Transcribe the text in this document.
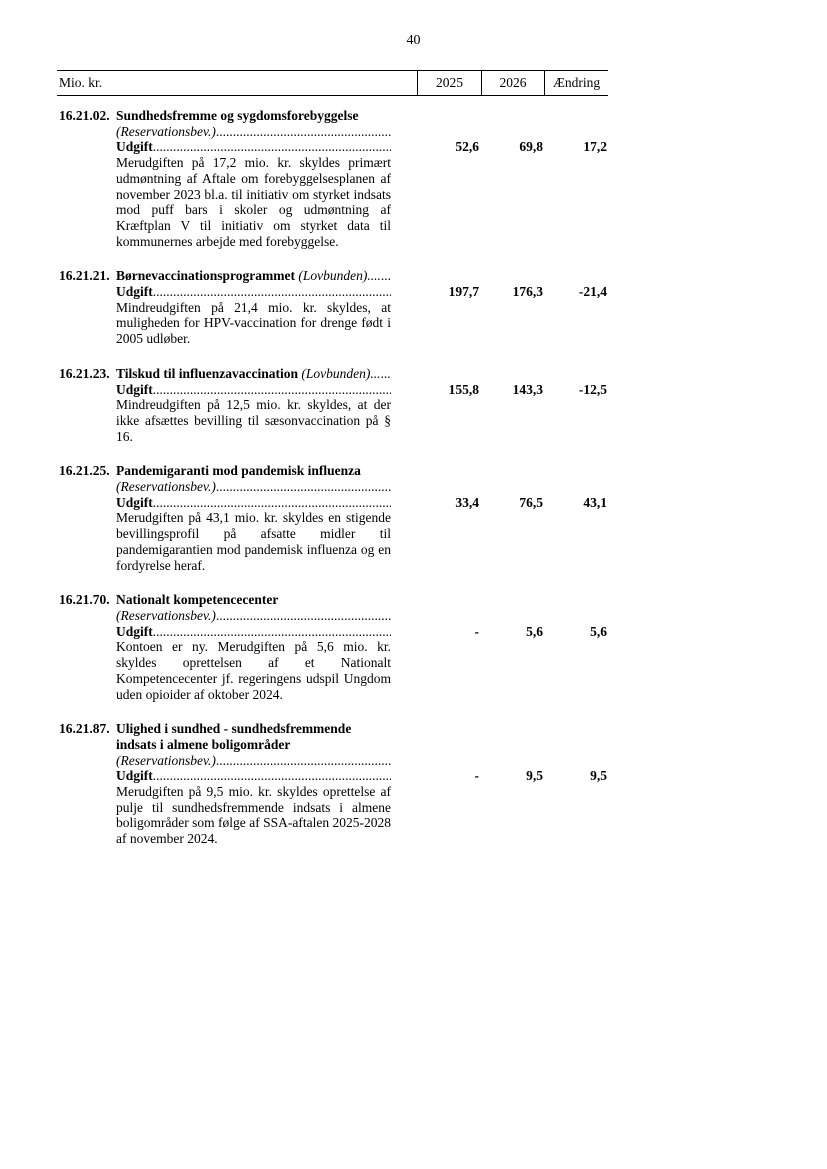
40
Mio. kr.	2025	2026	Ændring
16.21.02. Sundhedsfremme og sygdomsforebyggelse
(Reservationsbev.) .....
Udgift .....	52,6	69,8	17,2
Merudgiften på 17,2 mio. kr. skyldes primært udmøntning af Aftale om forebyggelsesplanen af november 2023 bl.a. til initiativ om styrket indsats mod puff bars i skoler og udmøntning af Kræftplan V til initiativ om styrket data til kommunernes arbejde med forebyggelse.
16.21.21. Børnevaccinationsprogrammet (Lovbunden).... .....
Udgift .....	197,7	176,3	-21,4
Mindreudgiften på 21,4 mio. kr. skyldes, at muligheden for HPV-vaccination for drenge født i 2005 udløber.
16.21.23. Tilskud til influenzavaccination (Lovbunden)... .....
Udgift .....	155,8	143,3	-12,5
Mindreudgiften på 12,5 mio. kr. skyldes, at der ikke afsættes bevilling til sæsonvaccination på § 16.
16.21.25. Pandemigaranti mod pandemisk influenza
(Reservationsbev.) .....
Udgift .....	33,4	76,5	43,1
Merudgiften på 43,1 mio. kr. skyldes en stigende bevillingsprofil på afsatte midler til pandemigarantien mod pandemisk influenza og en fordyrelse heraf.
16.21.70. Nationalt kompetencecenter
(Reservationsbev.) .....
Udgift .....	-	5,6	5,6
Kontoen er ny. Merudgiften på 5,6 mio. kr. skyldes oprettelsen af et Nationalt Kompetencecenter jf. regeringens udspil Ungdom uden opioider af oktober 2024.
16.21.87. Ulighed i sundhed - sundhedsfremmende indsats i almene boligområder
(Reservationsbev.) .....
Udgift .....	-	9,5	9,5
Merudgiften på 9,5 mio. kr. skyldes oprettelse af pulje til sundhedsfremmende indsats i almene boligområder som følge af SSA-aftalen 2025-2028 af november 2024.
